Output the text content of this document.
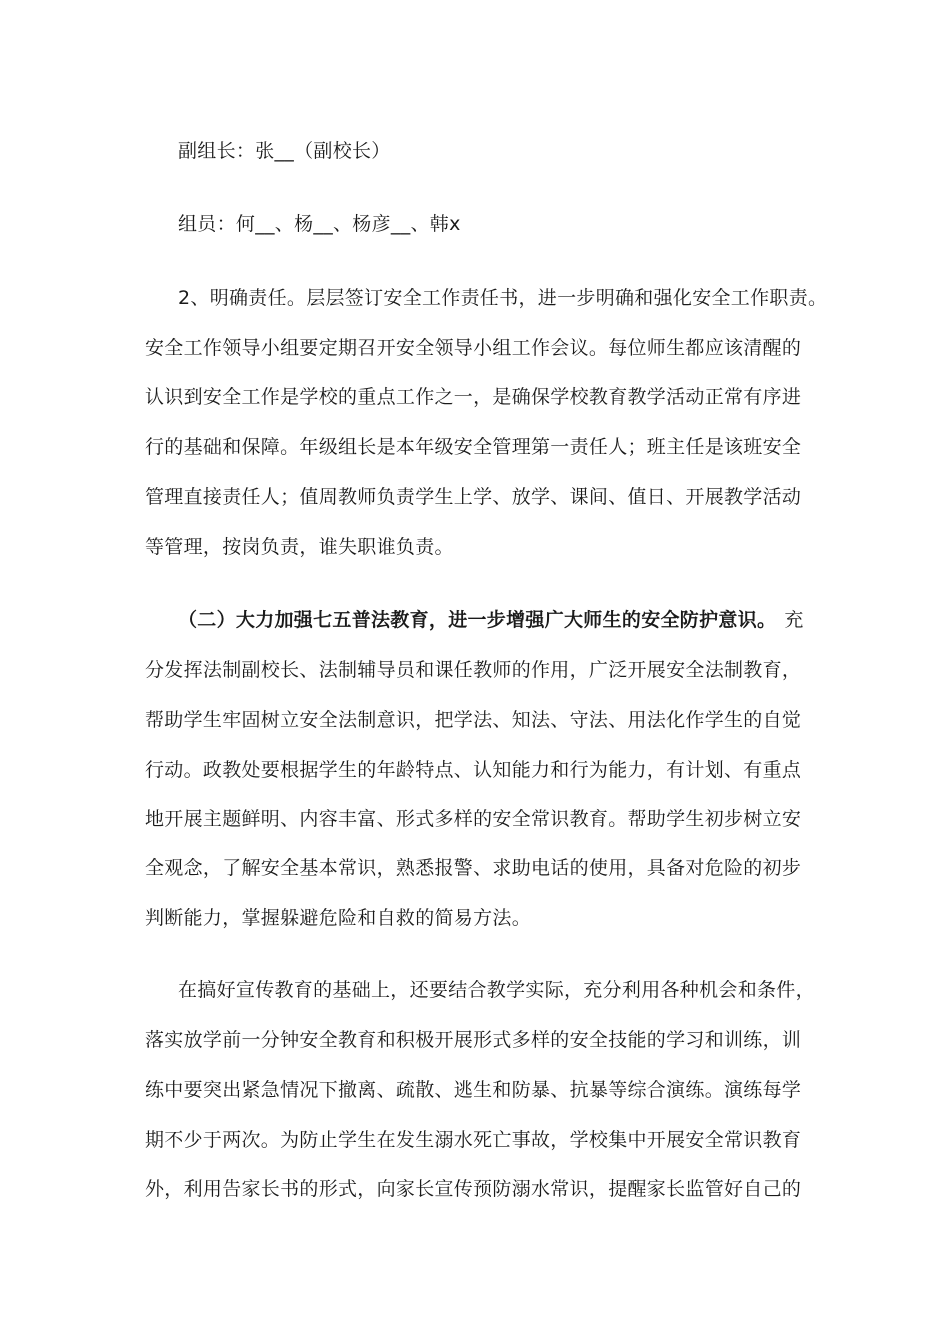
副组长：张__（副校长）
组员：何__、杨__、杨彦__、韩x
2、明确责任。层层签订安全工作责任书，进一步明确和强化安全工作职责。
安全工作领导小组要定期召开安全领导小组工作会议。每位师生都应该清醒的
认识到安全工作是学校的重点工作之一，是确保学校教育教学活动正常有序进
行的基础和保障。年级组长是本年级安全管理第一责任人；班主任是该班安全
管理直接责任人；值周教师负责学生上学、放学、课间、值日、开展教学活动
等管理，按岗负责，谁失职谁负责。
（二）大力加强七五普法教育，进一步增强广大师生的安全防护意识。 充
分发挥法制副校长、法制辅导员和课任教师的作用，广泛开展安全法制教育，
帮助学生牢固树立安全法制意识，把学法、知法、守法、用法化作学生的自觉
行动。政教处要根据学生的年龄特点、认知能力和行为能力，有计划、有重点
地开展主题鲜明、内容丰富、形式多样的安全常识教育。帮助学生初步树立安
全观念，了解安全基本常识，熟悉报警、求助电话的使用，具备对危险的初步
判断能力，掌握躲避危险和自救的简易方法。
在搞好宣传教育的基础上，还要结合教学实际，充分利用各种机会和条件，
落实放学前一分钟安全教育和积极开展形式多样的安全技能的学习和训练，训
练中要突出紧急情况下撤离、疏散、逃生和防暴、抗暴等综合演练。演练每学
期不少于两次。为防止学生在发生溺水死亡事故，学校集中开展安全常识教育
外，利用告家长书的形式，向家长宣传预防溺水常识，提醒家长监管好自己的
